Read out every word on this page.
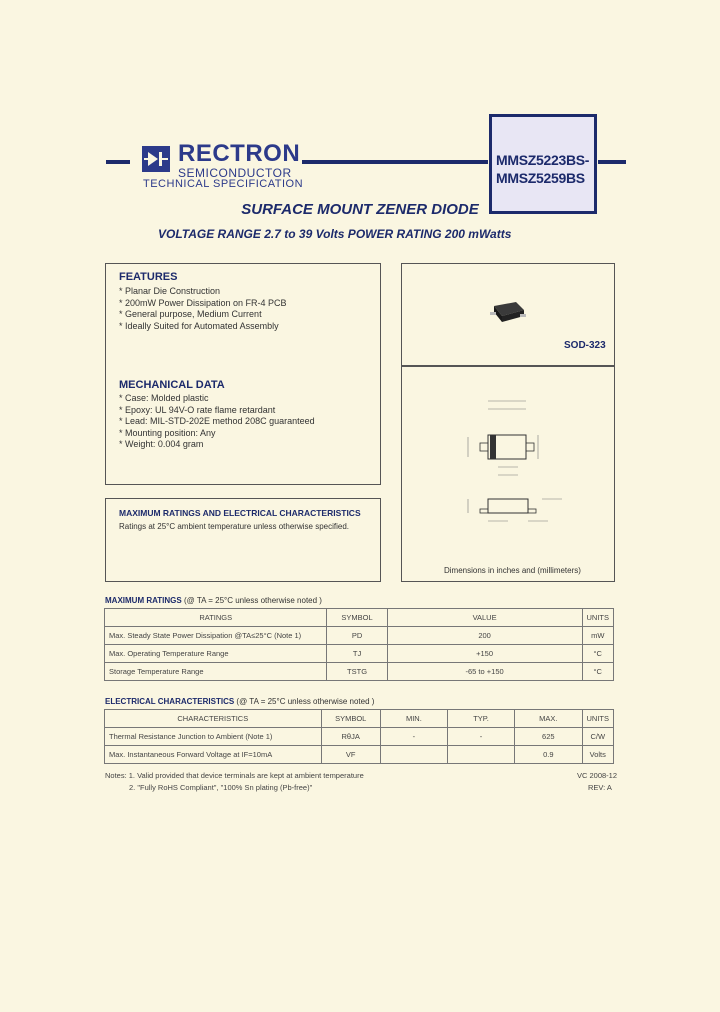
RECTRON
SEMICONDUCTOR
TECHNICAL SPECIFICATION
MMSZ5223BS-
MMSZ5259BS
SURFACE MOUNT ZENER DIODE
VOLTAGE RANGE 2.7 to 39 Volts POWER RATING 200 mWatts
FEATURES
* Planar Die Construction
* 200mW Power Dissipation on FR-4 PCB
* General purpose, Medium Current
* Ideally Suited for Automated Assembly
MECHANICAL DATA
* Case: Molded plastic
* Epoxy: UL 94V-O rate flame retardant
* Lead: MIL-STD-202E method 208C guaranteed
* Mounting position: Any
* Weight: 0.004 gram
MAXIMUM RATINGS AND ELECTRICAL CHARACTERISTICS
Ratings at 25°C ambient temperature unless otherwise specified.
SOD-323
Dimensions in inches and (millimeters)
MAXIMUM RATINGS (@ TA = 25°C unless otherwise noted )
RATINGS	SYMBOL	VALUE	UNITS
Max. Steady State Power Dissipation @TA≤25°C (Note 1)	PD	200	mW
Max. Operating Temperature Range	TJ	+150	°C
Storage Temperature Range	TSTG	-65 to +150	°C
ELECTRICAL CHARACTERISTICS (@ TA = 25°C unless otherwise noted )
CHARACTERISTICS	SYMBOL	MIN.	TYP.	MAX.	UNITS
Thermal Resistance Junction to Ambient (Note 1)	RθJA	-	-	625	C/W
Max. Instantaneous Forward Voltage at IF=10mA	VF			0.9	Volts
Notes: 1. Valid provided that device terminals are kept at ambient temperature
2. "Fully RoHS Compliant", "100% Sn plating (Pb-free)"
VC 2008-12
REV: A
